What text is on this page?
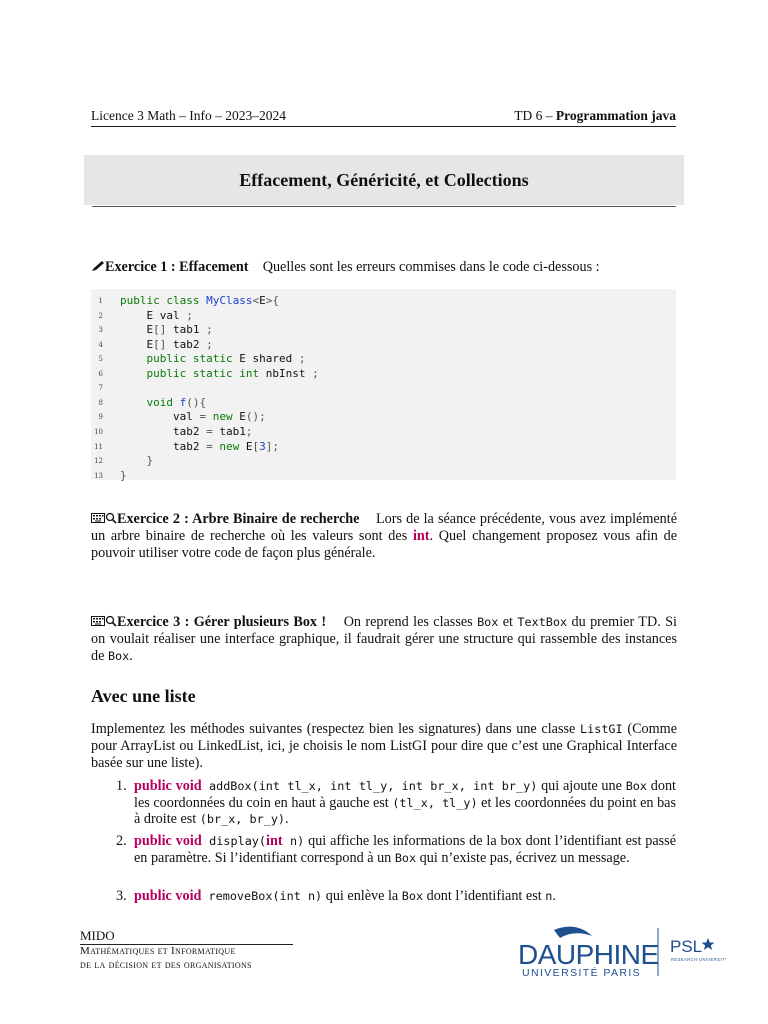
Licence 3 Math – Info – 2023–2024	TD 6 – Programmation java
Effacement, Généricité, et Collections
Exercice 1 : Effacement Quelles sont les erreurs commises dans le code ci-dessous :
1 public class MyClass<E>{
2 E val ;
3 E[] tab1 ;
4 E[] tab2 ;
5 public static E shared ;
6 public static int nbInst ;
7
8 void f(){
9 val = new E();
10 tab2 = tab1;
11 tab2 = new E[3];
12 }
13 }
Exercice 2 : Arbre Binaire de recherche Lors de la séance précédente, vous avez implémenté un arbre binaire de recherche où les valeurs sont des int. Quel changement proposez vous afin de pouvoir utiliser votre code de façon plus générale.
Exercice 3 : Gérer plusieurs Box ! On reprend les classes Box et TextBox du premier TD. Si on voulait réaliser une interface graphique, il faudrait gérer une structure qui rassemble des instances de Box.
Avec une liste
Implementez les méthodes suivantes (respectez bien les signatures) dans une classe ListGI (Comme pour ArrayList ou LinkedList, ici, je choisis le nom ListGI pour dire que c’est une Graphical Interface basée sur une liste).
1. public void addBox(int tl_x, int tl_y, int br_x, int br_y) qui ajoute une Box dont les coordonnées du coin en haut à gauche est (tl_x, tl_y) et les coordonnées du point en bas à droite est (br_x, br_y).
2. public void display(int n) qui affiche les informations de la box dont l’identifiant est passé en paramètre. Si l’identifiant correspond à un Box qui n’existe pas, écrivez un message.
3. public void removeBox(int n) qui enlève la Box dont l’identifiant est n.
MIDO
Mathématiques et Informatique
de la décision et des organisations	DAUPHINE
UNIVERSITÉ PARIS
PSL
RESEARCH UNIVERSITY
